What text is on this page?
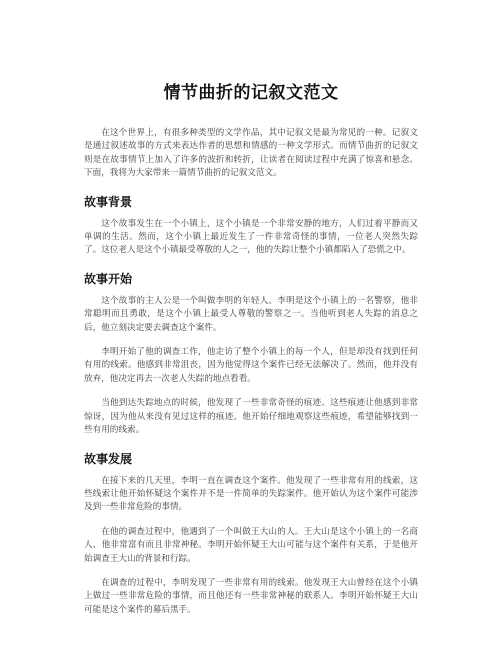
情节曲折的记叙文范文

在这个世界上，有很多种类型的文学作品，其中记叙文是最为常见的一种。记叙文是通过叙述故事的方式来表达作者的思想和情感的一种文学形式。而情节曲折的记叙文则是在故事情节上加入了许多的波折和转折，让读者在阅读过程中充满了惊喜和悬念。下面，我将为大家带来一篇情节曲折的记叙文范文。

故事背景

这个故事发生在一个小镇上，这个小镇是一个非常安静的地方，人们过着平静而又单调的生活。然而，这个小镇上最近发生了一件非常奇怪的事情，一位老人突然失踪了。这位老人是这个小镇最受尊敬的人之一，他的失踪让整个小镇都陷入了恐慌之中。

故事开始

这个故事的主人公是一个叫做李明的年轻人。李明是这个小镇上的一名警察，他非常聪明而且勇敢，是这个小镇上最受人尊敬的警察之一。当他听到老人失踪的消息之后，他立刻决定要去调查这个案件。

李明开始了他的调查工作，他走访了整个小镇上的每一个人，但是却没有找到任何有用的线索。他感到非常沮丧，因为他觉得这个案件已经无法解决了。然而，他并没有放弃，他决定再去一次老人失踪的地点看看。

当他到达失踪地点的时候，他发现了一些非常奇怪的痕迹。这些痕迹让他感到非常惊讶，因为他从来没有见过这样的痕迹。他开始仔细地观察这些痕迹，希望能够找到一些有用的线索。

故事发展

在接下来的几天里，李明一直在调查这个案件。他发现了一些非常有用的线索，这些线索让他开始怀疑这个案件并不是一件简单的失踪案件。他开始认为这个案件可能涉及到一些非常危险的事情。

在他的调查过程中，他遇到了一个叫做王大山的人。王大山是这个小镇上的一名商人，他非常富有而且非常神秘。李明开始怀疑王大山可能与这个案件有关系，于是他开始调查王大山的背景和行踪。

在调查的过程中，李明发现了一些非常有用的线索。他发现王大山曾经在这个小镇上做过一些非常危险的事情，而且他还有一些非常神秘的联系人。李明开始怀疑王大山可能是这个案件的幕后黑手。
